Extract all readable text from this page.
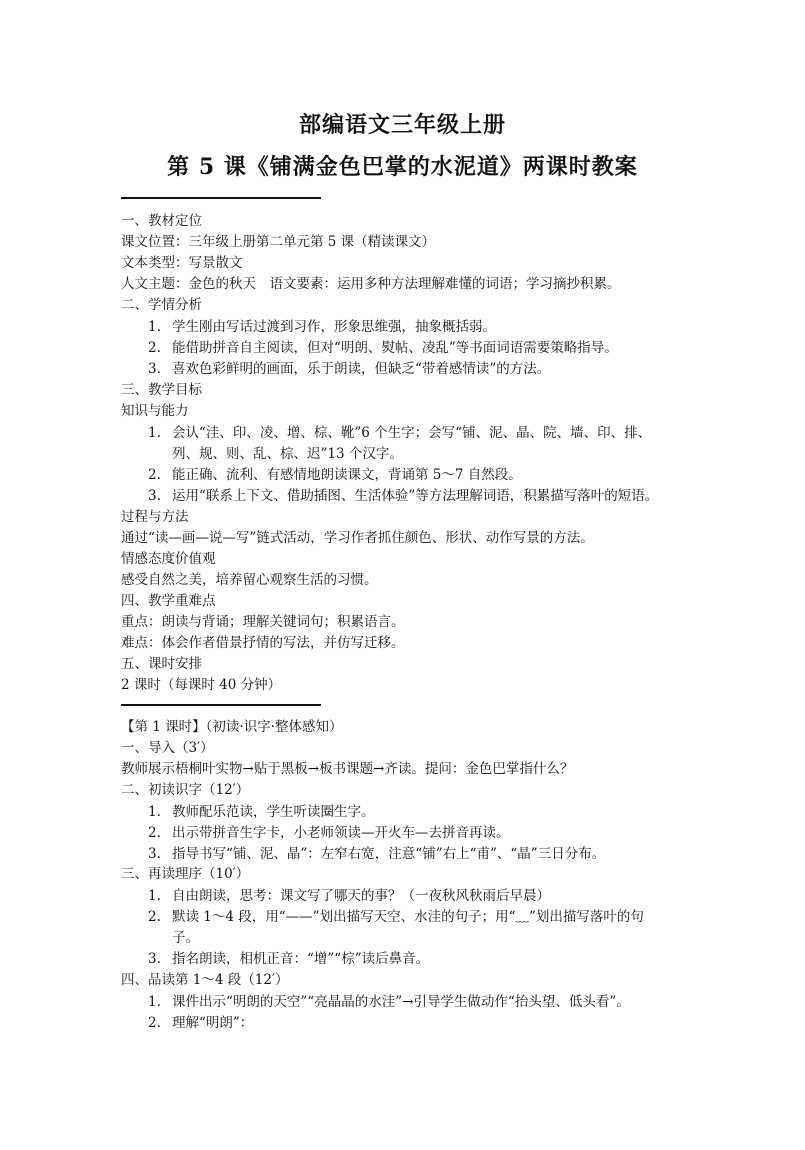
部编语文三年级上册
第 5 课《铺满金色巴掌的水泥道》两课时教案
一、教材定位
课文位置：三年级上册第二单元第 5 课（精读课文）
文本类型：写景散文
人文主题：金色的秋天　语文要素：运用多种方法理解难懂的词语；学习摘抄积累。
二、学情分析
1. 学生刚由写话过渡到习作，形象思维强，抽象概括弱。
2. 能借助拼音自主阅读，但对“明朗、熨帖、凌乱”等书面词语需要策略指导。
3. 喜欢色彩鲜明的画面，乐于朗读，但缺乏“带着感情读”的方法。
三、教学目标
知识与能力
1. 会认“洼、印、凌、增、棕、靴”6 个生字；会写“铺、泥、晶、院、墙、印、排、
列、规、则、乱、棕、迟”13 个汉字。
2. 能正确、流利、有感情地朗读课文，背诵第 5～7 自然段。
3. 运用“联系上下文、借助插图、生活体验”等方法理解词语，积累描写落叶的短语。
过程与方法
通过“读—画—说—写”链式活动，学习作者抓住颜色、形状、动作写景的方法。
情感态度价值观
感受自然之美，培养留心观察生活的习惯。
四、教学重难点
重点：朗读与背诵；理解关键词句；积累语言。
难点：体会作者借景抒情的写法，并仿写迁移。
五、课时安排
2 课时（每课时 40 分钟）
【第 1 课时】（初读·识字·整体感知）
一、导入（3′）
教师展示梧桐叶实物→贴于黑板→板书课题→齐读。提问：金色巴掌指什么？
二、初读识字（12′）
1. 教师配乐范读，学生听读圈生字。
2. 出示带拼音生字卡，小老师领读—开火车—去拼音再读。
3. 指导书写“铺、泥、晶”：左窄右宽，注意“铺”右上“甫”、“晶”三日分布。
三、再读理序（10′）
1. 自由朗读，思考：课文写了哪天的事？（一夜秋风秋雨后早晨）
2. 默读 1～4 段，用“——”划出描写天空、水洼的句子；用“﹏”划出描写落叶的句
子。
3. 指名朗读，相机正音：“增”“棕”读后鼻音。
四、品读第 1～4 段（12′）
1. 课件出示“明朗的天空”“亮晶晶的水洼”→引导学生做动作“抬头望、低头看”。
2. 理解“明朗”：
